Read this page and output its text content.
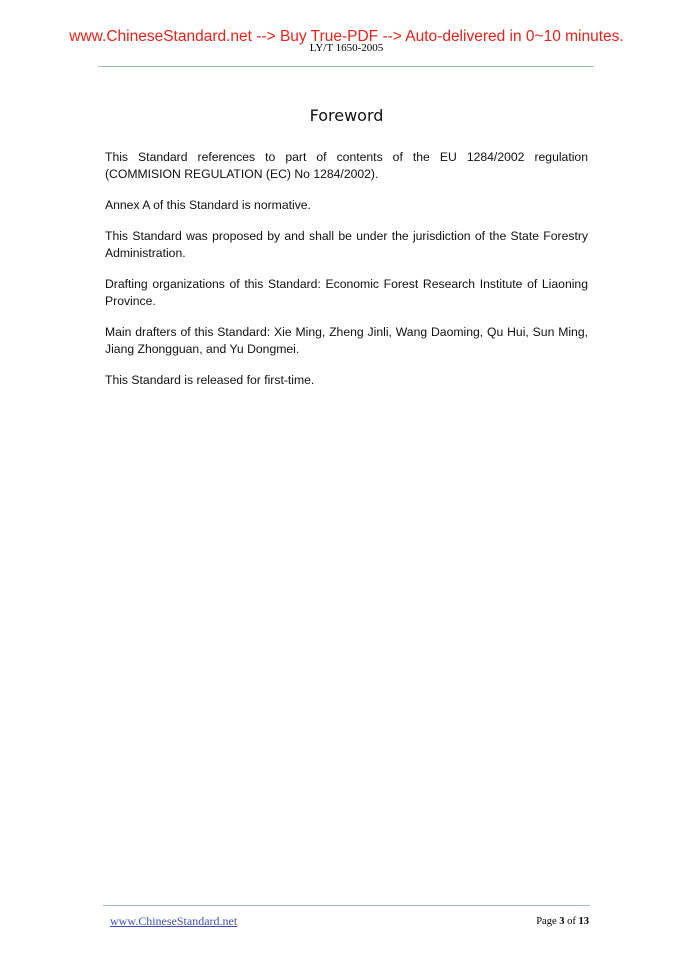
www.ChineseStandard.net --> Buy True-PDF --> Auto-delivered in 0~10 minutes.
LY/T 1650-2005
Foreword

This Standard references to part of contents of the EU 1284/2002 regulation (COMMISION REGULATION (EC) No 1284/2002).

Annex A of this Standard is normative.

This Standard was proposed by and shall be under the jurisdiction of the State Forestry Administration.

Drafting organizations of this Standard: Economic Forest Research Institute of Liaoning Province.

Main drafters of this Standard: Xie Ming, Zheng Jinli, Wang Daoming, Qu Hui, Sun Ming, Jiang Zhongguan, and Yu Dongmei.

This Standard is released for first-time.

www.ChineseStandard.net	Page 3 of 13
